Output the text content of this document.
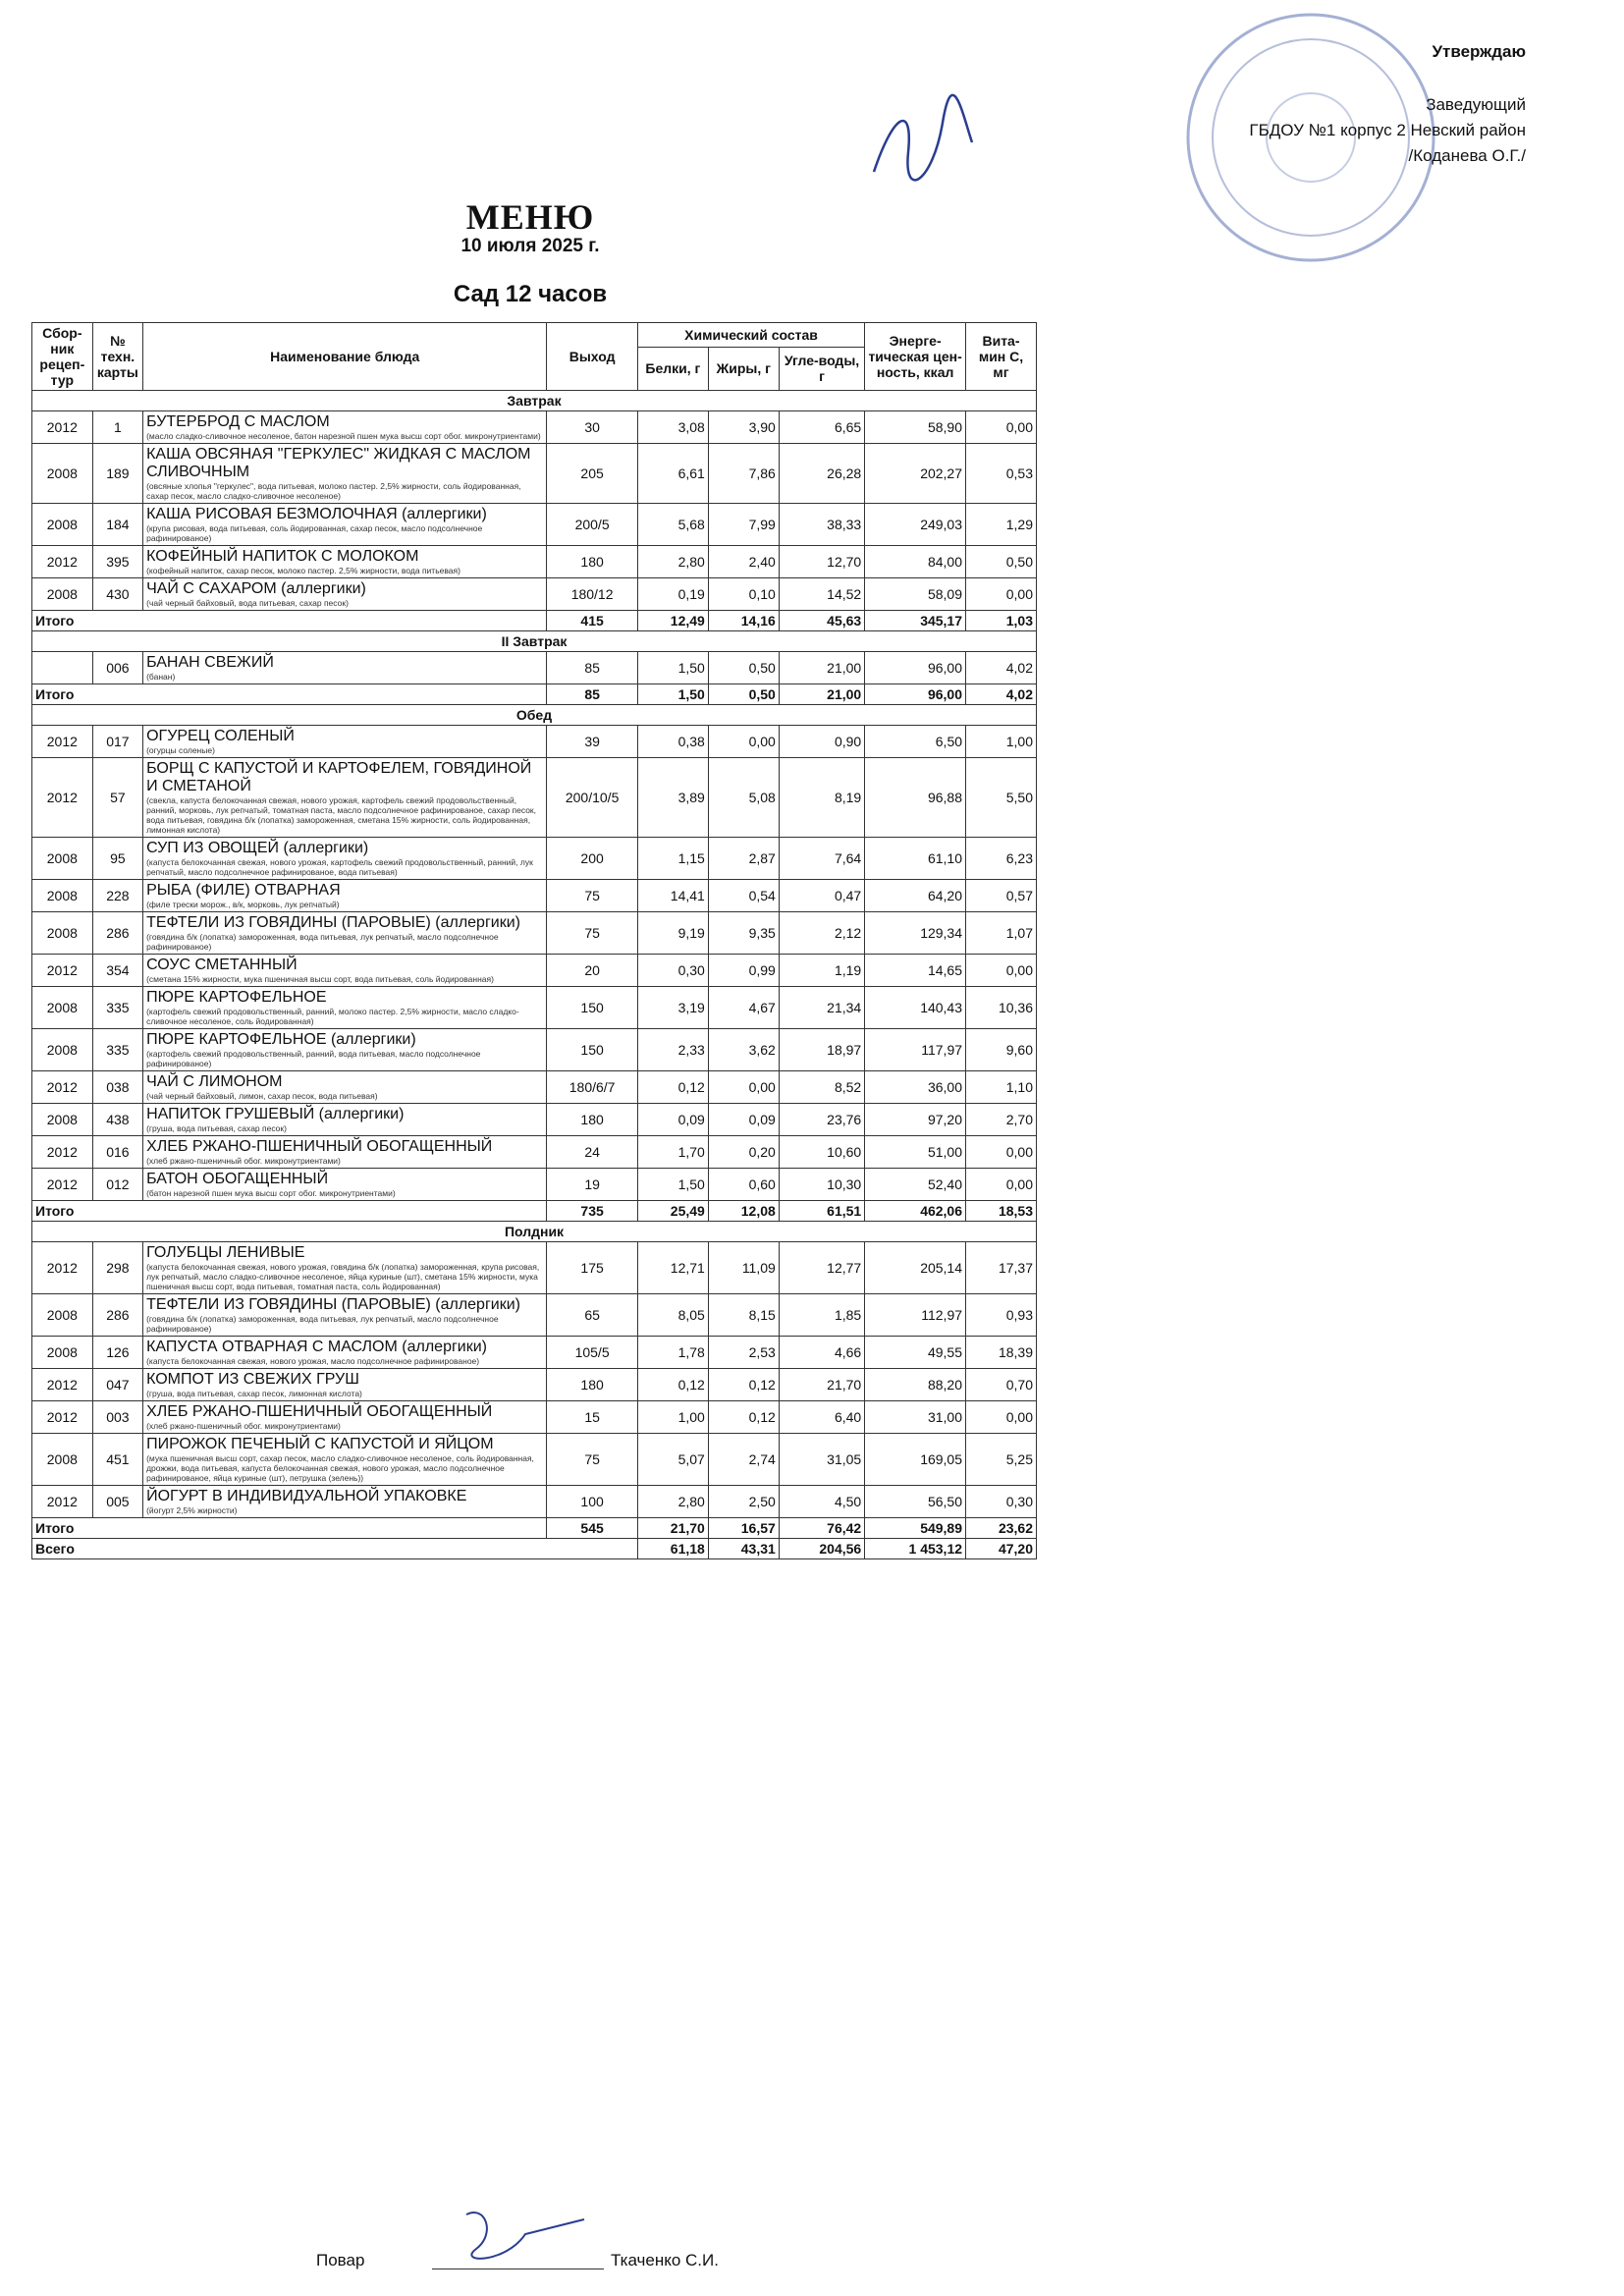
Утверждаю
Заведующий
ГБДОУ №1 корпус 2 Невский район
/Коданева О.Г./
МЕНЮ
10 июля 2025 г.
Сад 12 часов
Сбор-ник рецеп-тур	№ техн. карты	Наименование блюда	Выход	Химический состав			Энерге-тическая цен-ность, ккал	Вита-мин С, мг
				Белки, г	Жиры, г	Угле-воды, г		
Завтрак								
2012	1	БУТЕРБРОД С МАСЛОМ
(масло сладко-сливочное несоленое, батон нарезной пшен мука высш сорт обог. микронутриентами)	30	3,08	3,90	6,65	58,90	0,00
2008	189	КАША ОВСЯНАЯ "ГЕРКУЛЕС" ЖИДКАЯ С МАСЛОМ СЛИВОЧНЫМ
(овсяные хлопья "геркулес", вода питьевая, молоко пастер. 2,5% жирности, соль йодированная, сахар песок, масло сладко-сливочное несоленое)	205	6,61	7,86	26,28	202,27	0,53
2008	184	КАША РИСОВАЯ БЕЗМОЛОЧНАЯ (аллергики)
(крупа рисовая, вода питьевая, соль йодированная, сахар песок, масло подсолнечное рафинированое)	200/5	5,68	7,99	38,33	249,03	1,29
2012	395	КОФЕЙНЫЙ НАПИТОК С МОЛОКОМ
(кофейный напиток, сахар песок, молоко пастер. 2,5% жирности, вода питьевая)	180	2,80	2,40	12,70	84,00	0,50
2008	430	ЧАЙ С САХАРОМ (аллергики)
(чай черный байховый, вода питьевая, сахар песок)	180/12	0,19	0,10	14,52	58,09	0,00
Итого			415	12,49	14,16	45,63	345,17	1,03
II Завтрак								
	006	БАНАН СВЕЖИЙ
(банан)	85	1,50	0,50	21,00	96,00	4,02
Итого			85	1,50	0,50	21,00	96,00	4,02
Обед								
2012	017	ОГУРЕЦ СОЛЕНЫЙ
(огурцы соленые)	39	0,38	0,00	0,90	6,50	1,00
2012	57	БОРЩ С КАПУСТОЙ И КАРТОФЕЛЕМ, ГОВЯДИНОЙ И СМЕТАНОЙ
(свекла, капуста белокочанная свежая, нового урожая, картофель свежий продовольственный, ранний, морковь, лук репчатый, томатная паста, масло подсолнечное рафинированое, сахар песок, вода питьевая, говядина б/к (лопатка) замороженная, сметана 15% жирности, соль йодированная, лимонная кислота)	200/10/5	3,89	5,08	8,19	96,88	5,50
2008	95	СУП ИЗ ОВОЩЕЙ (аллергики)
(капуста белокочанная свежая, нового урожая, картофель свежий продовольственный, ранний, лук репчатый, масло подсолнечное рафинированое, вода питьевая)	200	1,15	2,87	7,64	61,10	6,23
2008	228	РЫБА (ФИЛЕ) ОТВАРНАЯ
(филе трески морож., в/к, морковь, лук репчатый)	75	14,41	0,54	0,47	64,20	0,57
2008	286	ТЕФТЕЛИ ИЗ ГОВЯДИНЫ (ПАРОВЫЕ) (аллергики)
(говядина б/к (лопатка) замороженная, вода питьевая, лук репчатый, масло подсолнечное рафинированое)	75	9,19	9,35	2,12	129,34	1,07
2012	354	СОУС СМЕТАННЫЙ
(сметана 15% жирности, мука пшеничная высш сорт, вода питьевая, соль йодированная)	20	0,30	0,99	1,19	14,65	0,00
2008	335	ПЮРЕ КАРТОФЕЛЬНОЕ
(картофель свежий продовольственный, ранний, молоко пастер. 2,5% жирности, масло сладко-сливочное несоленое, соль йодированная)	150	3,19	4,67	21,34	140,43	10,36
2008	335	ПЮРЕ КАРТОФЕЛЬНОЕ (аллергики)
(картофель свежий продовольственный, ранний, вода питьевая, масло подсолнечное рафинированое)	150	2,33	3,62	18,97	117,97	9,60
2012	038	ЧАЙ С ЛИМОНОМ
(чай черный байховый, лимон, сахар песок, вода питьевая)	180/6/7	0,12	0,00	8,52	36,00	1,10
2008	438	НАПИТОК ГРУШЕВЫЙ (аллергики)
(груша, вода питьевая, сахар песок)	180	0,09	0,09	23,76	97,20	2,70
2012	016	ХЛЕБ РЖАНО-ПШЕНИЧНЫЙ ОБОГАЩЕННЫЙ
(хлеб ржано-пшеничный обог. микронутриентами)	24	1,70	0,20	10,60	51,00	0,00
2012	012	БАТОН ОБОГАЩЕННЫЙ
(батон нарезной пшен мука высш сорт обог. микронутриентами)	19	1,50	0,60	10,30	52,40	0,00
Итого			735	25,49	12,08	61,51	462,06	18,53
Полдник								
2012	298	ГОЛУБЦЫ ЛЕНИВЫЕ
(капуста белокочанная свежая, нового урожая, говядина б/к (лопатка) замороженная, крупа рисовая, лук репчатый, масло сладко-сливочное несоленое, яйца куриные (шт), сметана 15% жирности, мука пшеничная высш сорт, вода питьевая, томатная паста, соль йодированная)	175	12,71	11,09	12,77	205,14	17,37
2008	286	ТЕФТЕЛИ ИЗ ГОВЯДИНЫ (ПАРОВЫЕ) (аллергики)
(говядина б/к (лопатка) замороженная, вода питьевая, лук репчатый, масло подсолнечное рафинированое)	65	8,05	8,15	1,85	112,97	0,93
2008	126	КАПУСТА ОТВАРНАЯ С МАСЛОМ (аллергики)
(капуста белокочанная свежая, нового урожая, масло подсолнечное рафинированое)	105/5	1,78	2,53	4,66	49,55	18,39
2012	047	КОМПОТ ИЗ СВЕЖИХ ГРУШ
(груша, вода питьевая, сахар песок, лимонная кислота)	180	0,12	0,12	21,70	88,20	0,70
2012	003	ХЛЕБ РЖАНО-ПШЕНИЧНЫЙ ОБОГАЩЕННЫЙ
(хлеб ржано-пшеничный обог. микронутриентами)	15	1,00	0,12	6,40	31,00	0,00
2008	451	ПИРОЖОК ПЕЧЕНЫЙ С КАПУСТОЙ И ЯЙЦОМ
(мука пшеничная высш сорт, сахар песок, масло сладко-сливочное несоленое, соль йодированная, дрожжи, вода питьевая, капуста белокочанная свежая, нового урожая, масло подсолнечное рафинированое, яйца куриные (шт), петрушка (зелень))	75	5,07	2,74	31,05	169,05	5,25
2012	005	ЙОГУРТ В ИНДИВИДУАЛЬНОЙ УПАКОВКЕ
(йогурт 2,5% жирности)	100	2,80	2,50	4,50	56,50	0,30
Итого			545	21,70	16,57	76,42	549,89	23,62
Всего				61,18	43,31	204,56	1 453,12	47,20
Повар	Ткаченко С.И.
